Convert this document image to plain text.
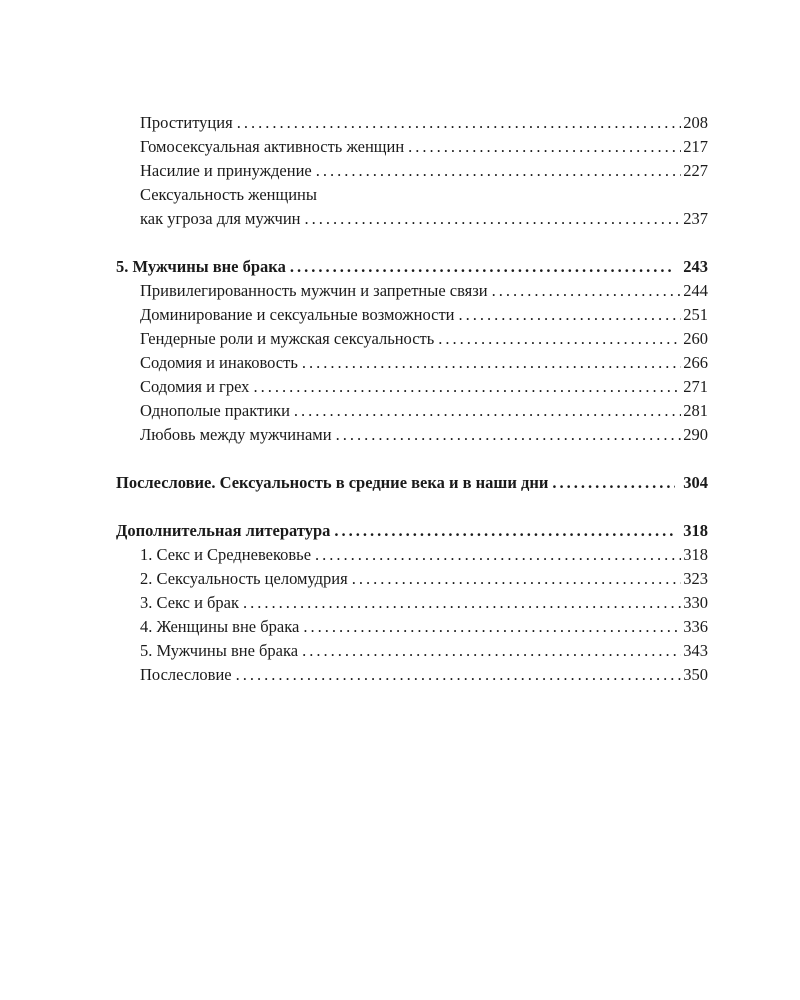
Проституция .....	208
Гомосексуальная активность женщин .....	217
Насилие и принуждение .....	227
Сексуальность женщины
как угроза для мужчин .....	237
5. Мужчины вне брака .....	243
Привилегированность мужчин и запретные связи .....	244
Доминирование и сексуальные возможности .....	251
Гендерные роли и мужская сексуальность .....	260
Содомия и инаковость .....	266
Содомия и грех .....	271
Однополые практики .....	281
Любовь между мужчинами .....	290
Послесловие. Сексуальность в средние века и в наши дни .....	304
Дополнительная литература .....	318
1. Секс и Средневековье .....	318
2. Сексуальность целомудрия .....	323
3. Секс и брак .....	330
4. Женщины вне брака .....	336
5. Мужчины вне брака .....	343
Послесловие .....	350
